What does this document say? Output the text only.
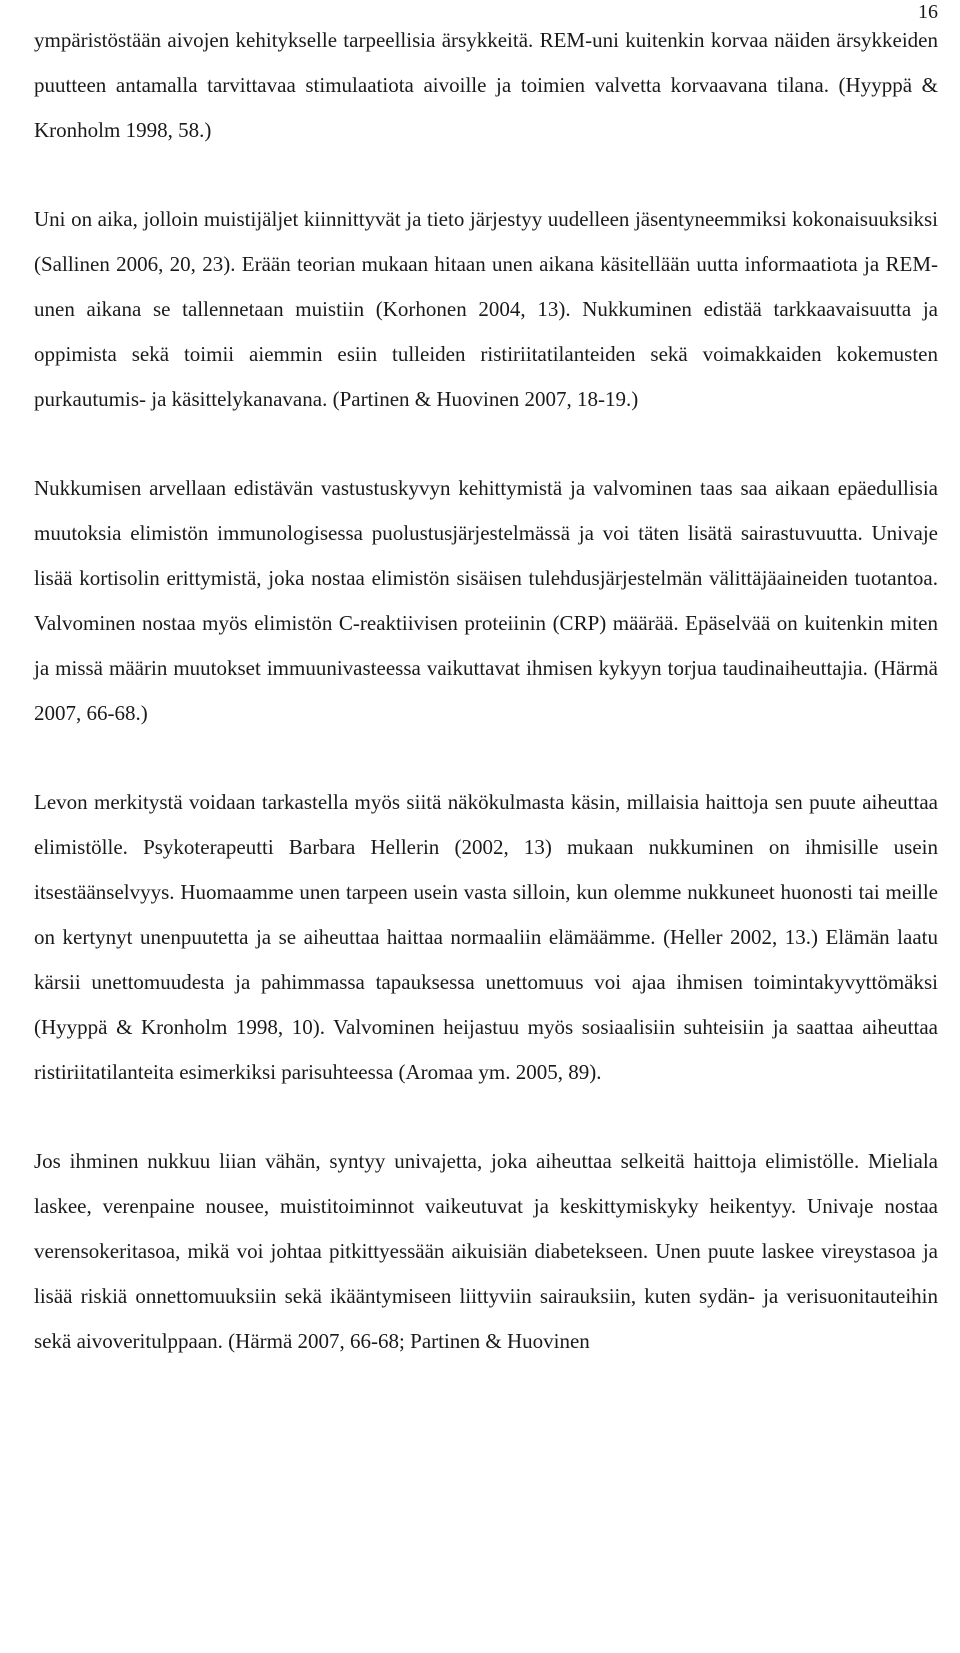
16

ympäristöstään aivojen kehitykselle tarpeellisia ärsykkeitä. REM-uni kuitenkin korvaa näiden ärsykkeiden puutteen antamalla tarvittavaa stimulaatiota aivoille ja toimien valvetta korvaavana tilana. (Hyyppä & Kronholm 1998, 58.)

Uni on aika, jolloin muistijäljet kiinnittyvät ja tieto järjestyy uudelleen jäsentyneemmiksi kokonaisuuksiksi (Sallinen 2006, 20, 23). Erään teorian mukaan hitaan unen aikana käsitellään uutta informaatiota ja REM-unen aikana se tallennetaan muistiin (Korhonen 2004, 13). Nukkuminen edistää tarkkaavaisuutta ja oppimista sekä toimii aiemmin esiin tulleiden ristiriitatilanteiden sekä voimakkaiden kokemusten purkautumis- ja käsittelykanavana. (Partinen & Huovinen 2007, 18-19.)

Nukkumisen arvellaan edistävän vastustuskyvyn kehittymistä ja valvominen taas saa aikaan epäedullisia muutoksia elimistön immunologisessa puolustusjärjestelmässä ja voi täten lisätä sairastuvuutta. Univaje lisää kortisolin erittymistä, joka nostaa elimistön sisäisen tulehdusjärjestelmän välittäjäaineiden tuotantoa. Valvominen nostaa myös elimistön C-reaktiivisen proteiinin (CRP) määrää. Epäselvää on kuitenkin miten ja missä määrin muutokset immuunivasteessa vaikuttavat ihmisen kykyyn torjua taudinaiheuttajia. (Härmä 2007, 66-68.)

Levon merkitystä voidaan tarkastella myös siitä näkökulmasta käsin, millaisia haittoja sen puute aiheuttaa elimistölle. Psykoterapeutti Barbara Hellerin (2002, 13) mukaan nukkuminen on ihmisille usein itsestäänselvyys. Huomaamme unen tarpeen usein vasta silloin, kun olemme nukkuneet huonosti tai meille on kertynyt unenpuutetta ja se aiheuttaa haittaa normaaliin elämäämme. (Heller 2002, 13.) Elämän laatu kärsii unettomuudesta ja pahimmassa tapauksessa unettomuus voi ajaa ihmisen toimintakyvyttömäksi (Hyyppä & Kronholm 1998, 10). Valvominen heijastuu myös sosiaalisiin suhteisiin ja saattaa aiheuttaa ristiriitatilanteita esimerkiksi parisuhteessa (Aromaa ym. 2005, 89).

Jos ihminen nukkuu liian vähän, syntyy univajetta, joka aiheuttaa selkeitä haittoja elimistölle. Mieliala laskee, verenpaine nousee, muistitoiminnot vaikeutuvat ja keskittymiskyky heikentyy. Univaje nostaa verensokeritasoa, mikä voi johtaa pitkittyessään aikuisiän diabetekseen. Unen puute laskee vireystasoa ja lisää riskiä onnettomuuksiin sekä ikääntymiseen liittyviin sairauksiin, kuten sydän- ja verisuonitauteihin sekä aivoveritulppaan. (Härmä 2007, 66-68; Partinen & Huovinen
